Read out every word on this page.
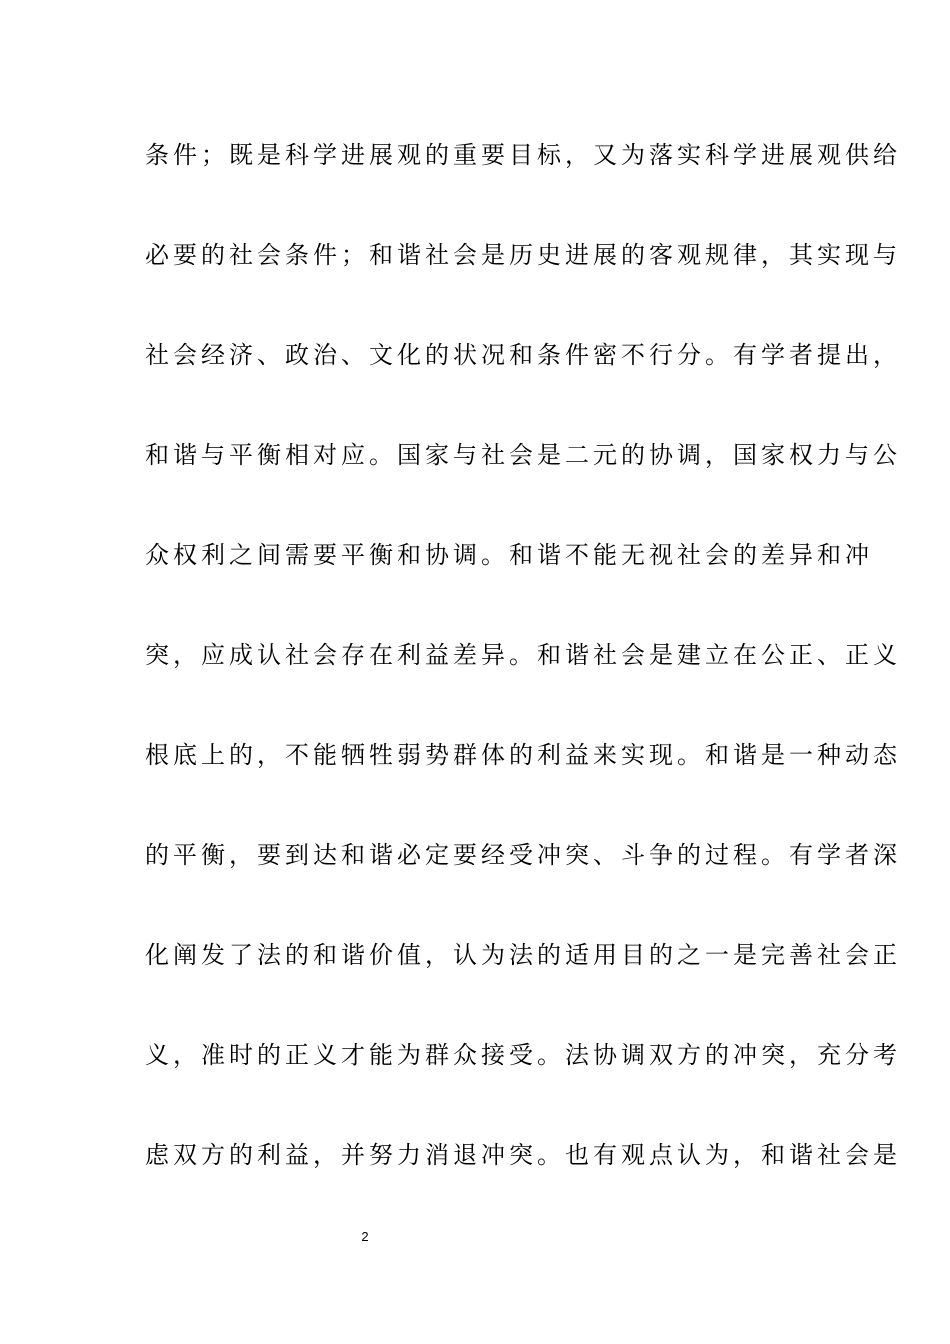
条件；既是科学进展观的重要目标，又为落实科学进展观供给
必要的社会条件；和谐社会是历史进展的客观规律，其实现与
社会经济、政治、文化的状况和条件密不行分。有学者提出，
和谐与平衡相对应。国家与社会是二元的协调，国家权力与公
众权利之间需要平衡和协调。和谐不能无视社会的差异和冲
突，应成认社会存在利益差异。和谐社会是建立在公正、正义
根底上的，不能牺牲弱势群体的利益来实现。和谐是一种动态
的平衡，要到达和谐必定要经受冲突、斗争的过程。有学者深
化阐发了法的和谐价值，认为法的适用目的之一是完善社会正
义，准时的正义才能为群众接受。法协调双方的冲突，充分考
虑双方的利益，并努力消退冲突。也有观点认为，和谐社会是
2
